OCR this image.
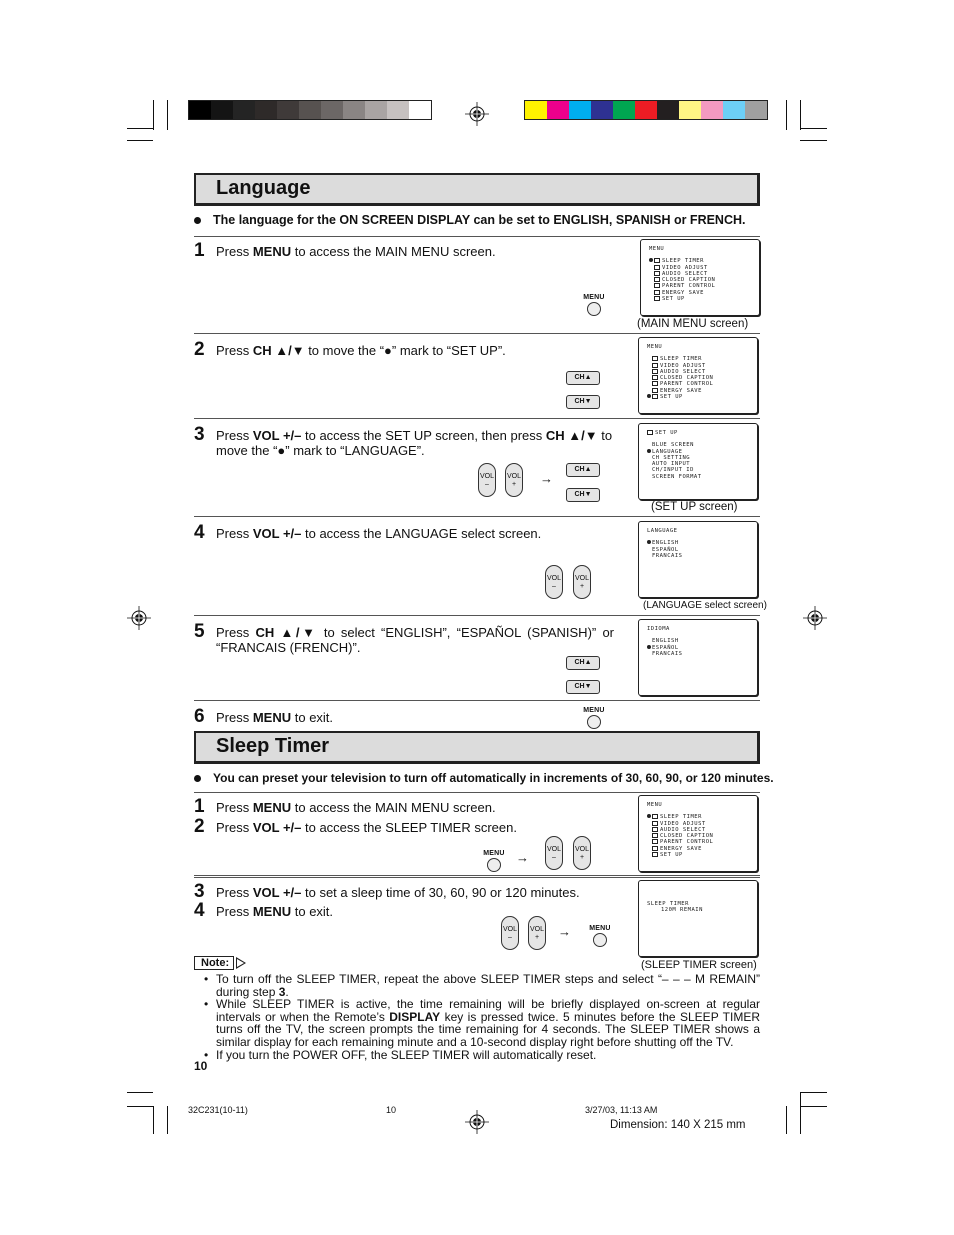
Language
The language for the ON SCREEN DISPLAY can be set to ENGLISH, SPANISH or FRENCH.
1 Press MENU to access the MAIN MENU screen.
MENU
MENU
SLEEP TIMER
VIDEO ADJUST
AUDIO SELECT
CLOSED CAPTION
PARENT CONTROL
ENERGY SAVE
SET UP
(MAIN MENU screen)
2 Press CH ▲/▼ to move the “●” mark to “SET UP”.
CH▲
CH▼
MENU
SLEEP TIMER
VIDEO ADJUST
AUDIO SELECT
CLOSED CAPTION
PARENT CONTROL
ENERGY SAVE
SET UP
3 Press VOL +/– to access the SET UP screen, then press CH ▲/▼ to move the “●” mark to “LANGUAGE”.
VOL
–
VOL
+	→
CH▲
CH▼
SET UP
BLUE SCREEN
LANGUAGE
CH SETTING
AUTO INPUT
CH/INPUT ID
SCREEN FORMAT
(SET UP screen)
4 Press VOL +/– to access the LANGUAGE select screen.
VOL
–
VOL
+
LANGUAGE
ENGLISH
ESPAÑOL
FRANCAIS
(LANGUAGE select screen)
5 Press CH ▲/▼ to select “ENGLISH”, “ESPAÑOL (SPANISH)” or “FRANCAIS (FRENCH)”.
CH▲
CH▼
IDIOMA
ENGLISH
ESPAÑOL
FRANCAIS
6 Press MENU to exit.	MENU
Sleep Timer
You can preset your television to turn off automatically in increments of 30, 60, 90, or 120 minutes.
1 Press MENU to access the MAIN MENU screen.
2 Press VOL +/– to access the SLEEP TIMER screen.
MENU →
VOL
–
VOL
+
MENU
SLEEP TIMER
VIDEO ADJUST
AUDIO SELECT
CLOSED CAPTION
PARENT CONTROL
ENERGY SAVE
SET UP
3 Press VOL +/– to set a sleep time of 30, 60, 90 or 120 minutes.
4 Press MENU to exit.
VOL
–
VOL
+	→	MENU
SLEEP TIMER
120M REMAIN
(SLEEP TIMER screen)
Note:
• To turn off the SLEEP TIMER, repeat the above SLEEP TIMER steps and select “– – – M REMAIN” during step 3.
• While SLEEP TIMER is active, the time remaining will be briefly displayed on-screen at regular intervals or when the Remote’s DISPLAY key is pressed twice. 5 minutes before the SLEEP TIMER turns off the TV, the screen prompts the time remaining for 4 seconds. The SLEEP TIMER shows a similar display for each remaining minute and a 10-second display right before shutting off the TV.
• If you turn the POWER OFF, the SLEEP TIMER will automatically reset.
10
32C231(10-11)	10	3/27/03, 11:13 AM
Dimension: 140 X 215 mm
